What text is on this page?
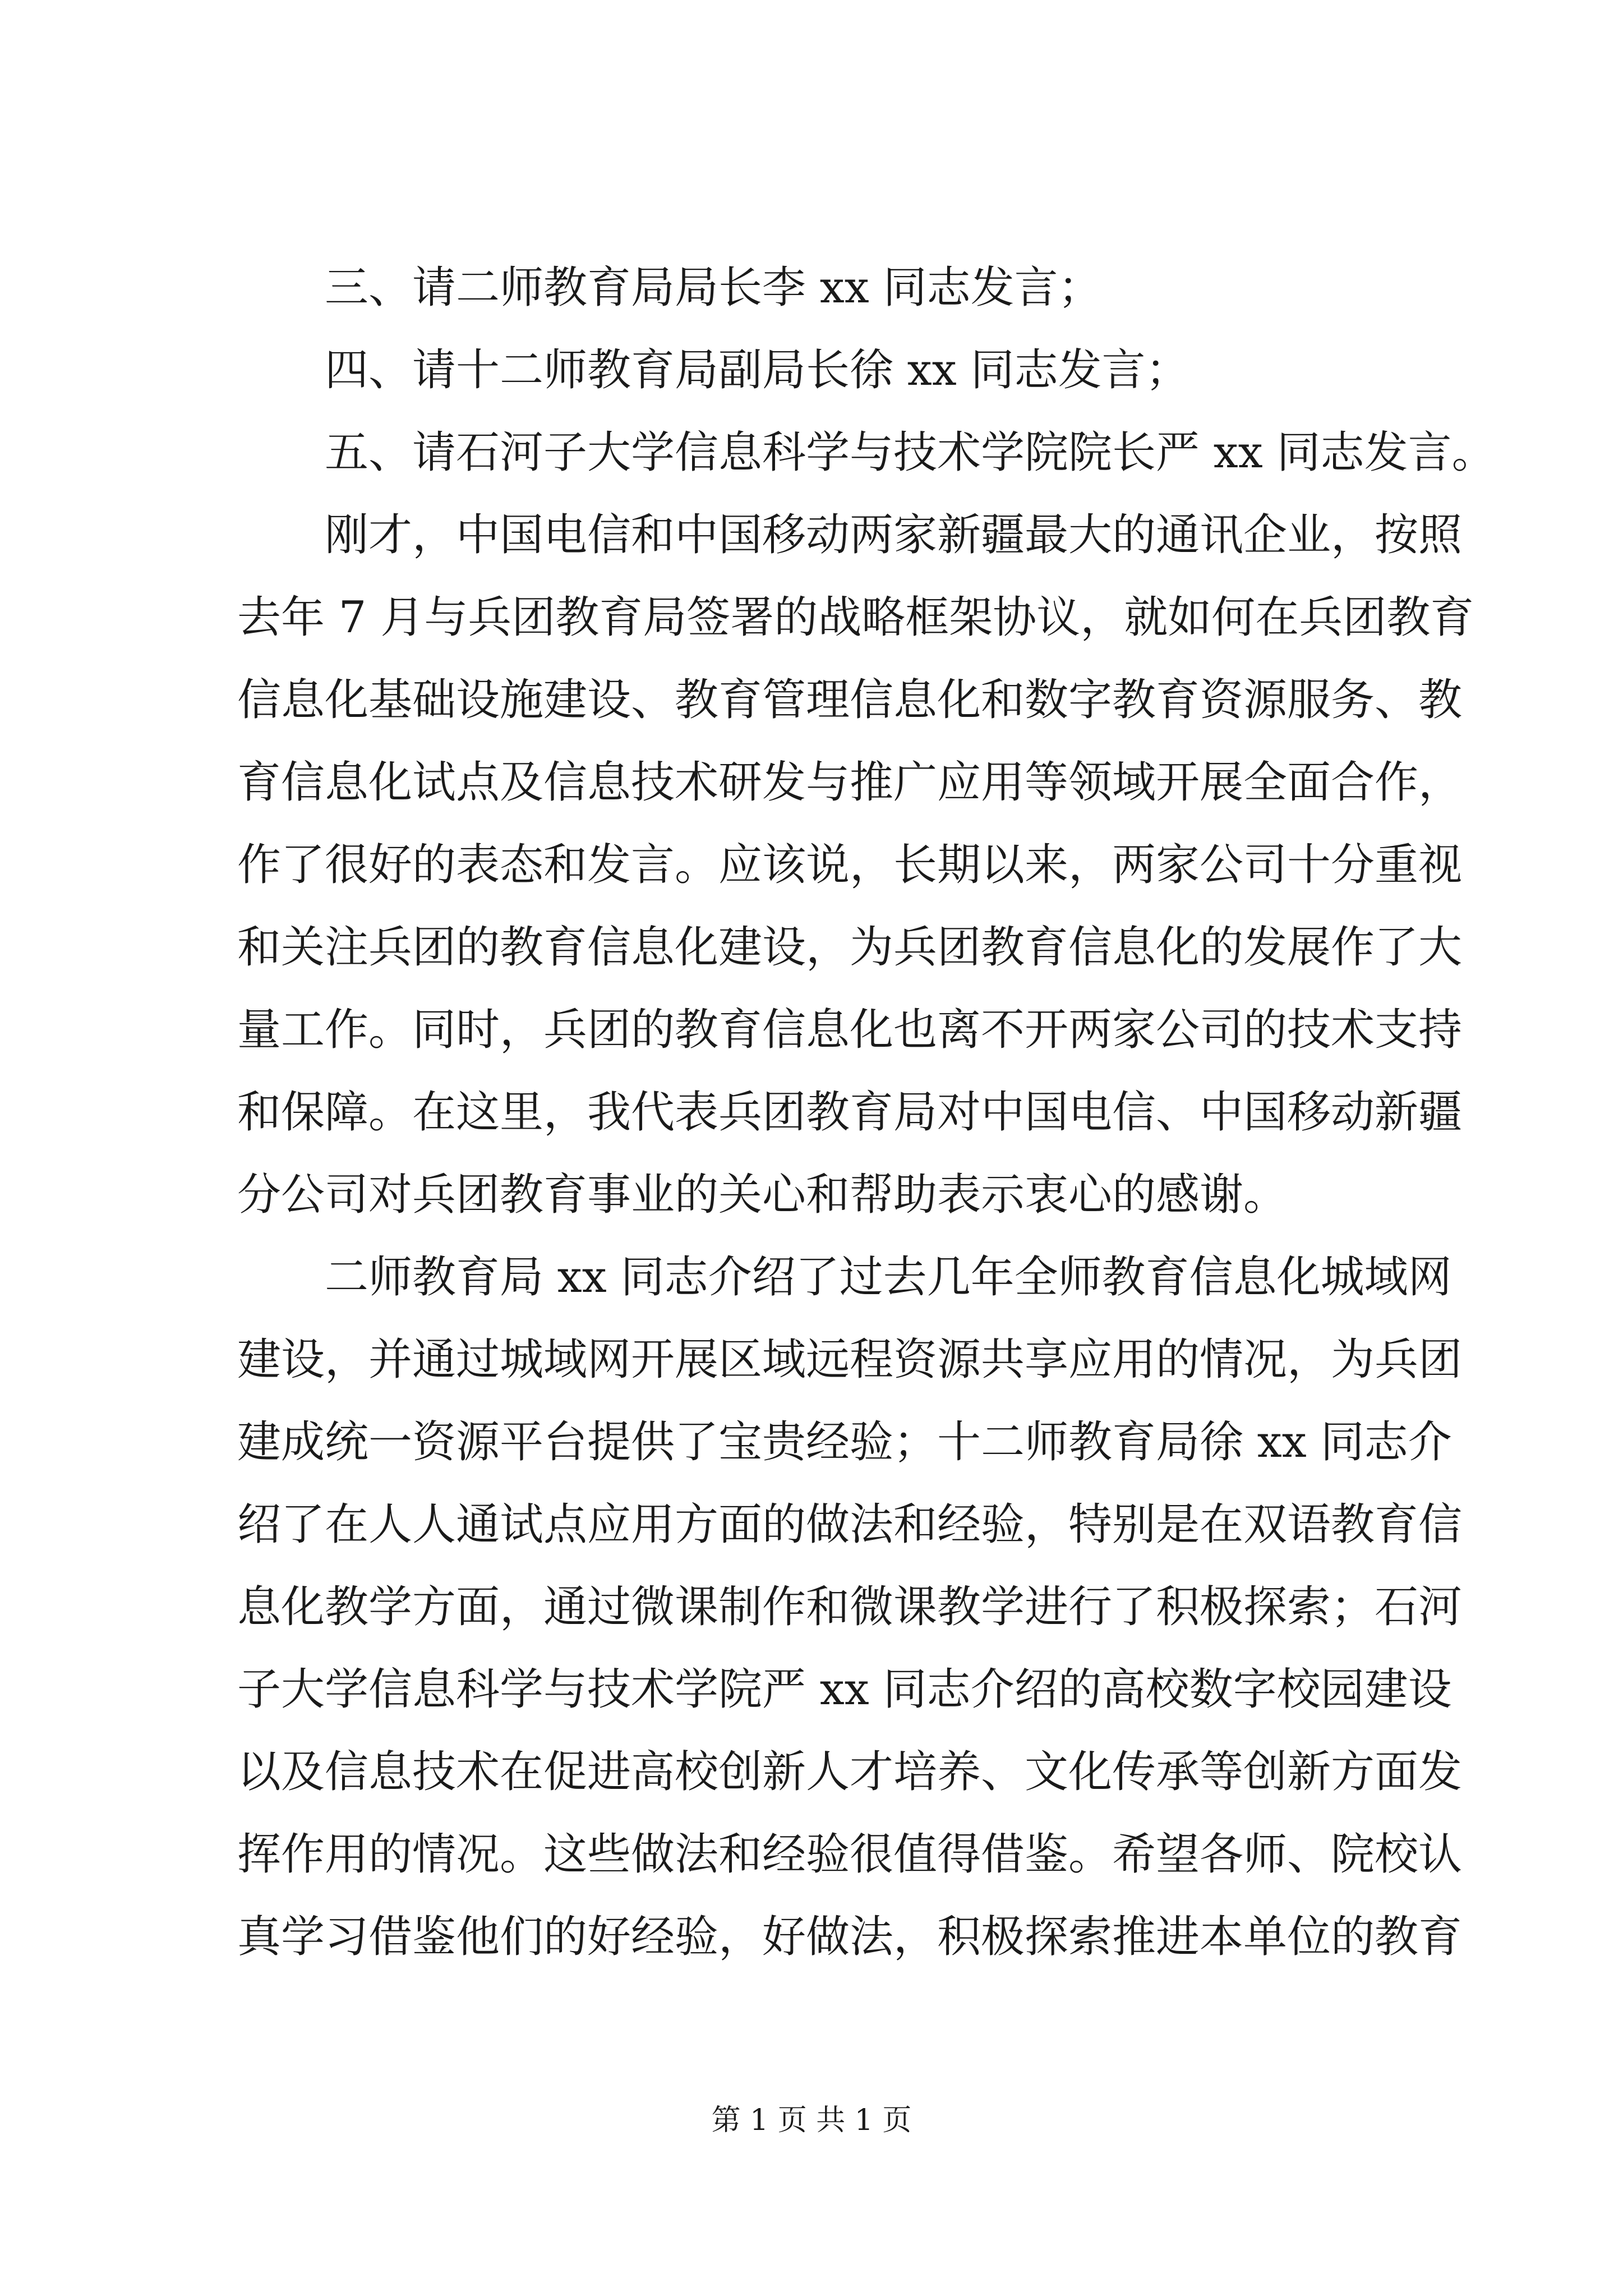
三、请二师教育局局长李 xx 同志发言；
四、请十二师教育局副局长徐 xx 同志发言；
五、请石河子大学信息科学与技术学院院长严 xx 同志发言。
刚才，中国电信和中国移动两家新疆最大的通讯企业，按照
去年 7 月与兵团教育局签署的战略框架协议，就如何在兵团教育
信息化基础设施建设、教育管理信息化和数字教育资源服务、教
育信息化试点及信息技术研发与推广应用等领域开展全面合作，
作了很好的表态和发言。应该说，长期以来，两家公司十分重视
和关注兵团的教育信息化建设，为兵团教育信息化的发展作了大
量工作。同时，兵团的教育信息化也离不开两家公司的技术支持
和保障。在这里，我代表兵团教育局对中国电信、中国移动新疆
分公司对兵团教育事业的关心和帮助表示衷心的感谢。
二师教育局 xx 同志介绍了过去几年全师教育信息化城域网
建设，并通过城域网开展区域远程资源共享应用的情况，为兵团
建成统一资源平台提供了宝贵经验；十二师教育局徐 xx 同志介
绍了在人人通试点应用方面的做法和经验，特别是在双语教育信
息化教学方面，通过微课制作和微课教学进行了积极探索；石河
子大学信息科学与技术学院严 xx 同志介绍的高校数字校园建设
以及信息技术在促进高校创新人才培养、文化传承等创新方面发
挥作用的情况。这些做法和经验很值得借鉴。希望各师、院校认
真学习借鉴他们的好经验，好做法，积极探索推进本单位的教育
第 1 页 共 1 页
